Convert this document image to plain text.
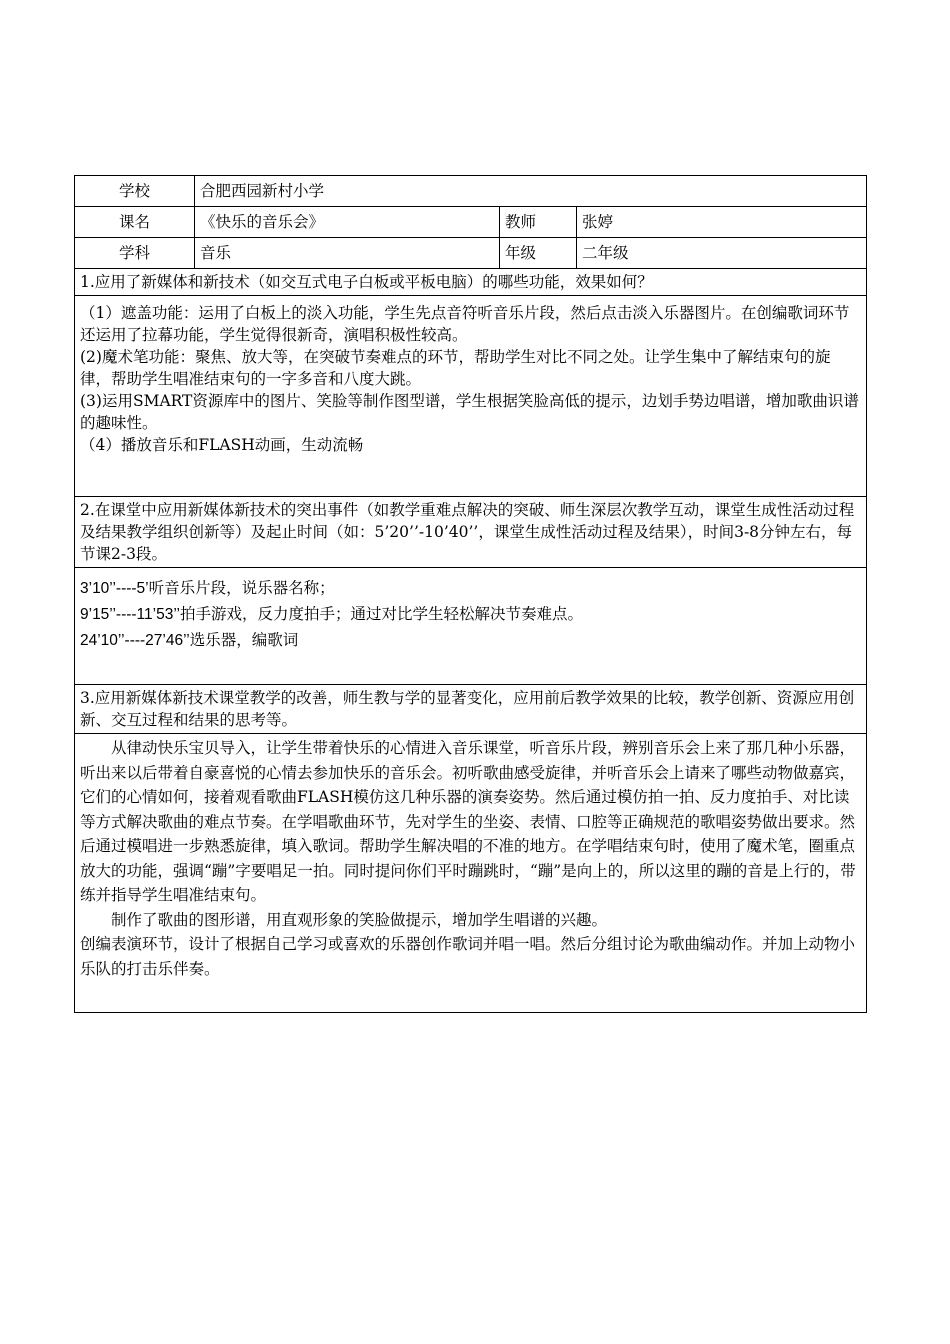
学校	合肥西园新村小学		
课名	《快乐的音乐会》	教师	张婷
学科	音乐	年级	二年级

1.应用了新媒体和新技术（如交互式电子白板或平板电脑）的哪些功能，效果如何？			

（1）遮盖功能：运用了白板上的淡入功能，学生先点音符听音乐片段，然后点击淡入乐器图片。在创编歌词环节还运用了拉幕功能，学生觉得很新奇，演唱积极性较高。

(2)魔术笔功能：聚焦、放大等，在突破节奏难点的环节，帮助学生对比不同之处。让学生集中了解结束句的旋律，帮助学生唱准结束句的一字多音和八度大跳。

(3)运用SMART资源库中的图片、笑脸等制作图型谱，学生根据笑脸高低的提示，边划手势边唱谱，增加歌曲识谱的趣味性。

（4）播放音乐和FLASH动画，生动流畅			

2.在课堂中应用新媒体新技术的突出事件（如教学重难点解决的突破、师生深层次教学互动，课堂生成性活动过程及结果教学组织创新等）及起止时间（如：5’20’’-10’40’’，课堂生成性活动过程及结果），时间3-8分钟左右，每节课2-3段。			

3’10’’----5’听音乐片段，说乐器名称；

9’15’’----11’53’’拍手游戏，反力度拍手；通过对比学生轻松解决节奏难点。

24’10’’----27’46’’选乐器，编歌词			

3.应用新媒体新技术课堂教学的改善，师生教与学的显著变化，应用前后教学效果的比较，教学创新、资源应用创新、交互过程和结果的思考等。			

从律动快乐宝贝导入，让学生带着快乐的心情进入音乐课堂，听音乐片段，辨别音乐会上来了那几种小乐器，听出来以后带着自豪喜悦的心情去参加快乐的音乐会。初听歌曲感受旋律，并听音乐会上请来了哪些动物做嘉宾，它们的心情如何，接着观看歌曲FLASH模仿这几种乐器的演奏姿势。然后通过模仿拍一拍、反力度拍手、对比读等方式解决歌曲的难点节奏。在学唱歌曲环节，先对学生的坐姿、表情、口腔等正确规范的歌唱姿势做出要求。然后通过模唱进一步熟悉旋律，填入歌词。帮助学生解决唱的不准的地方。在学唱结束句时，使用了魔术笔，圈重点放大的功能，强调“蹦”字要唱足一拍。同时提问你们平时蹦跳时，“蹦”是向上的，所以这里的蹦的音是上行的，带练并指导学生唱准结束句。

制作了歌曲的图形谱，用直观形象的笑脸做提示，增加学生唱谱的兴趣。

创编表演环节，设计了根据自己学习或喜欢的乐器创作歌词并唱一唱。然后分组讨论为歌曲编动作。并加上动物小乐队的打击乐伴奏。			
